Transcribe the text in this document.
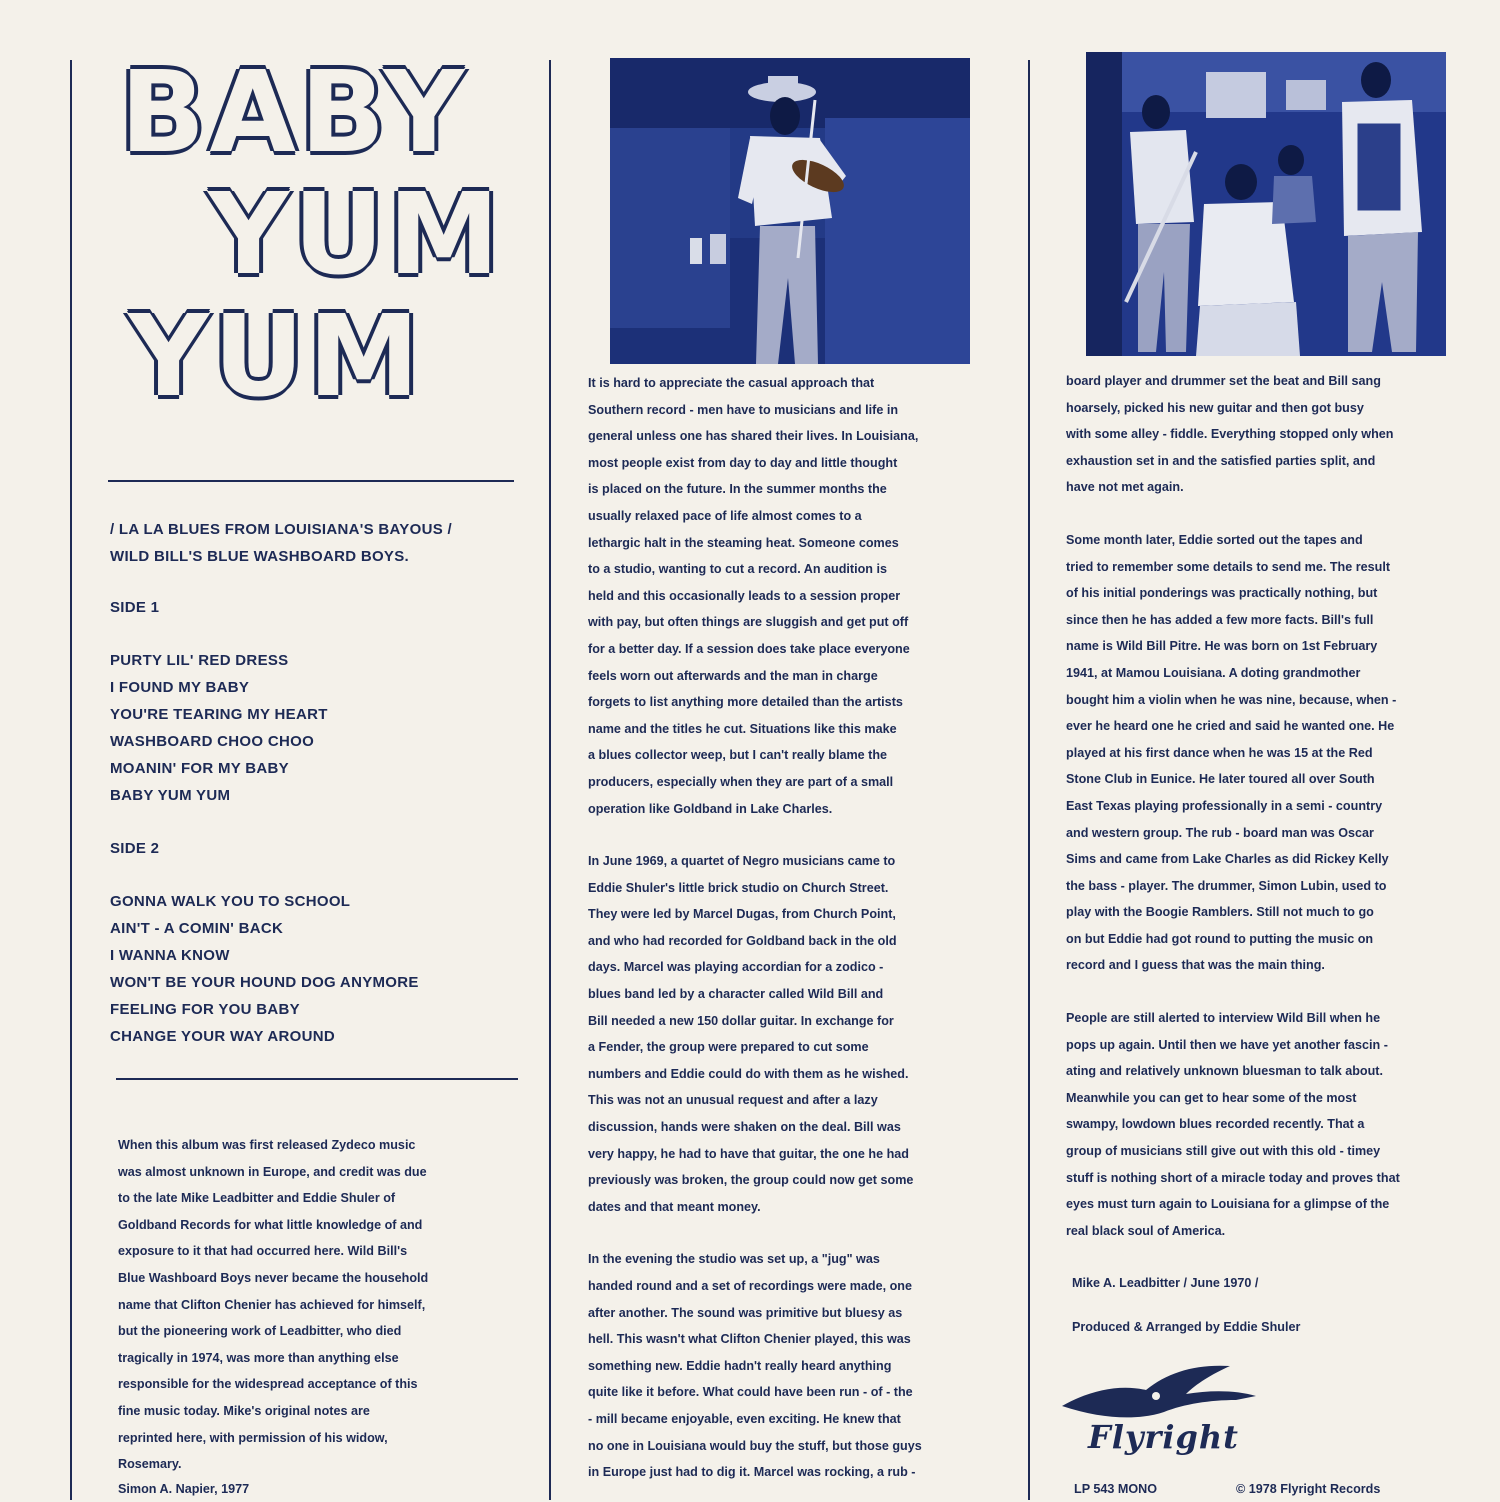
BABY
YUM
YUM
/ LA LA BLUES FROM LOUISIANA'S BAYOUS /
WILD BILL'S BLUE WASHBOARD BOYS.
SIDE 1
PURTY LIL' RED DRESS
I FOUND MY BABY
YOU'RE TEARING MY HEART
WASHBOARD CHOO CHOO
MOANIN' FOR MY BABY
BABY YUM YUM
SIDE 2
GONNA WALK YOU TO SCHOOL
AIN'T - A COMIN' BACK
I WANNA KNOW
WON'T BE YOUR HOUND DOG ANYMORE
FEELING FOR YOU BABY
CHANGE YOUR WAY AROUND
When this album was first released Zydeco music
was almost unknown in Europe, and credit was due
to the late Mike Leadbitter and Eddie Shuler of
Goldband Records for what little knowledge of and
exposure to it that had occurred here. Wild Bill's
Blue Washboard Boys never became the household
name that Clifton Chenier has achieved for himself,
but the pioneering work of Leadbitter, who died
tragically in 1974, was more than anything else
responsible for the widespread acceptance of this
fine music today. Mike's original notes are
reprinted here, with permission of his widow,
Rosemary.
Simon A. Napier, 1977
It is hard to appreciate the casual approach that
Southern record - men have to musicians and life in
general unless one has shared their lives. In Louisiana,
most people exist from day to day and little thought
is placed on the future. In the summer months the
usually relaxed pace of life almost comes to a
lethargic halt in the steaming heat. Someone comes
to a studio, wanting to cut a record. An audition is
held and this occasionally leads to a session proper
with pay, but often things are sluggish and get put off
for a better day. If a session does take place everyone
feels worn out afterwards and the man in charge
forgets to list anything more detailed than the artists
name and the titles he cut. Situations like this make
a blues collector weep, but I can't really blame the
producers, especially when they are part of a small
operation like Goldband in Lake Charles.
In June 1969, a quartet of Negro musicians came to
Eddie Shuler's little brick studio on Church Street.
They were led by Marcel Dugas, from Church Point,
and who had recorded for Goldband back in the old
days. Marcel was playing accordian for a zodico -
blues band led by a character called Wild Bill and
Bill needed a new 150 dollar guitar. In exchange for
a Fender, the group were prepared to cut some
numbers and Eddie could do with them as he wished.
This was not an unusual request and after a lazy
discussion, hands were shaken on the deal. Bill was
very happy, he had to have that guitar, the one he had
previously was broken, the group could now get some
dates and that meant money.
In the evening the studio was set up, a "jug" was
handed round and a set of recordings were made, one
after another. The sound was primitive but bluesy as
hell. This wasn't what Clifton Chenier played, this was
something new. Eddie hadn't really heard anything
quite like it before. What could have been run - of - the
- mill became enjoyable, even exciting. He knew that
no one in Louisiana would buy the stuff, but those guys
in Europe just had to dig it. Marcel was rocking, a rub -
board player and drummer set the beat and Bill sang
hoarsely, picked his new guitar and then got busy
with some alley - fiddle. Everything stopped only when
exhaustion set in and the satisfied parties split, and
have not met again.
Some month later, Eddie sorted out the tapes and
tried to remember some details to send me. The result
of his initial ponderings was practically nothing, but
since then he has added a few more facts. Bill's full
name is Wild Bill Pitre. He was born on 1st February
1941, at Mamou Louisiana. A doting grandmother
bought him a violin when he was nine, because, when -
ever he heard one he cried and said he wanted one. He
played at his first dance when he was 15 at the Red
Stone Club in Eunice. He later toured all over South
East Texas playing professionally in a semi - country
and western group. The rub - board man was Oscar
Sims and came from Lake Charles as did Rickey Kelly
the bass - player. The drummer, Simon Lubin, used to
play with the Boogie Ramblers. Still not much to go
on but Eddie had got round to putting the music on
record and I guess that was the main thing.
People are still alerted to interview Wild Bill when he
pops up again. Until then we have yet another fascin -
ating and relatively unknown bluesman to talk about.
Meanwhile you can get to hear some of the most
swampy, lowdown blues recorded recently. That a
group of musicians still give out with this old - timey
stuff is nothing short of a miracle today and proves that
eyes must turn again to Louisiana for a glimpse of the
real black soul of America.
Mike A. Leadbitter / June 1970 /
Produced & Arranged by Eddie Shuler
Flyright
LP 543 MONO	© 1978 Flyright Records
